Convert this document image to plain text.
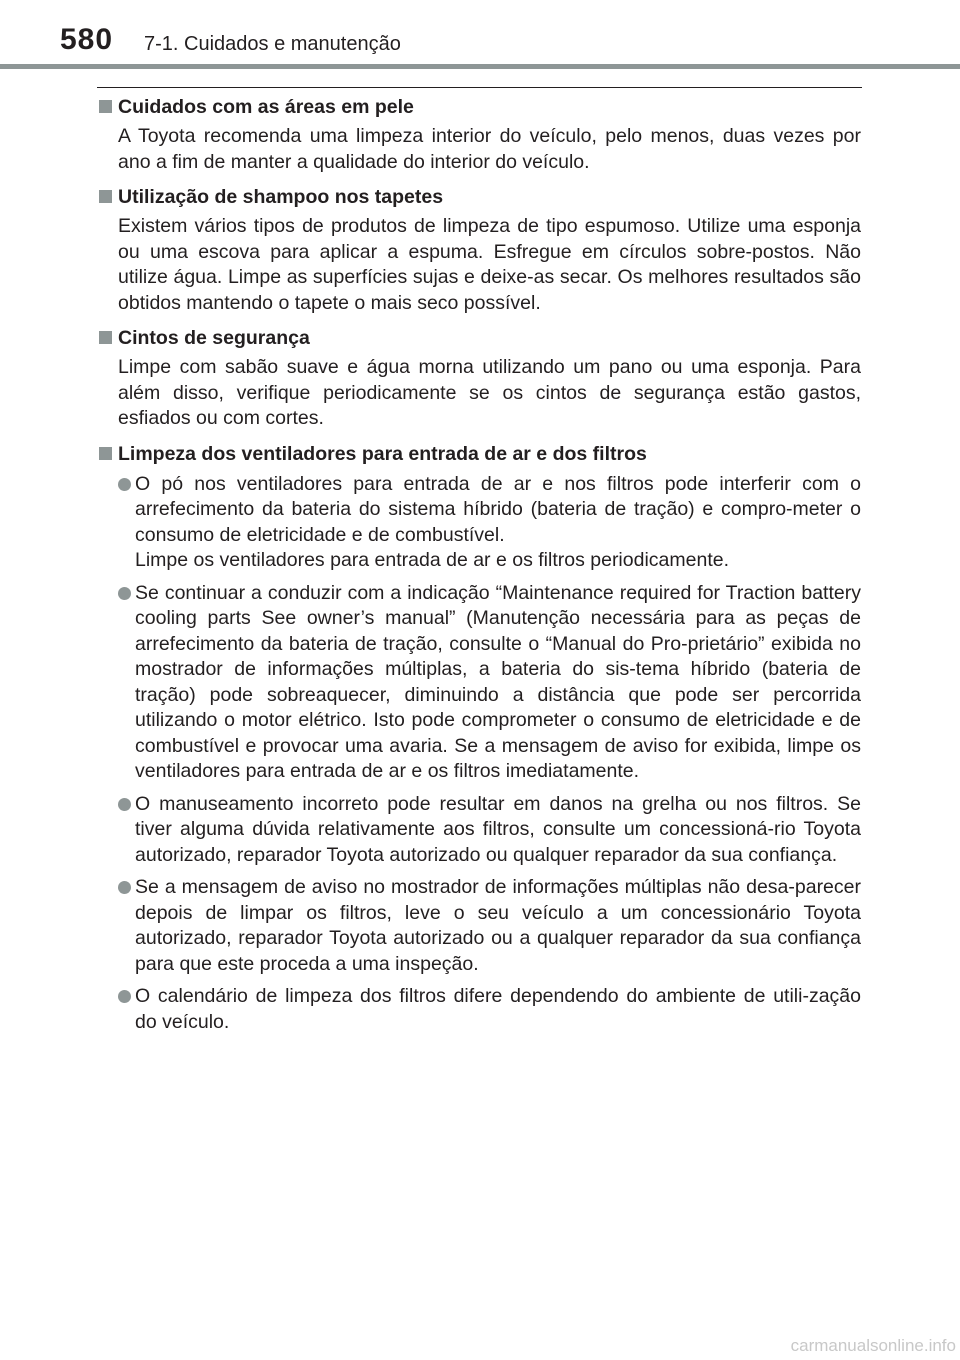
580 7-1. Cuidados e manutenção
Cuidados com as áreas em pele
A Toyota recomenda uma limpeza interior do veículo, pelo menos, duas vezes por ano a fim de manter a qualidade do interior do veículo.
Utilização de shampoo nos tapetes
Existem vários tipos de produtos de limpeza de tipo espumoso. Utilize uma esponja ou uma escova para aplicar a espuma. Esfregue em círculos sobre-postos. Não utilize água. Limpe as superfícies sujas e deixe-as secar. Os melhores resultados são obtidos mantendo o tapete o mais seco possível.
Cintos de segurança
Limpe com sabão suave e água morna utilizando um pano ou uma esponja. Para além disso, verifique periodicamente se os cintos de segurança estão gastos, esfiados ou com cortes.
Limpeza dos ventiladores para entrada de ar e dos filtros
O pó nos ventiladores para entrada de ar e nos filtros pode interferir com o arrefecimento da bateria do sistema híbrido (bateria de tração) e compro-meter o consumo de eletricidade e de combustível.
Limpe os ventiladores para entrada de ar e os filtros periodicamente.
Se continuar a conduzir com a indicação “Maintenance required for Traction battery cooling parts See owner’s manual” (Manutenção necessária para as peças de arrefecimento da bateria de tração, consulte o “Manual do Pro-prietário” exibida no mostrador de informações múltiplas, a bateria do sis-tema híbrido (bateria de tração) pode sobreaquecer, diminuindo a distância que pode ser percorrida utilizando o motor elétrico. Isto pode comprometer o consumo de eletricidade e de combustível e provocar uma avaria. Se a mensagem de aviso for exibida, limpe os ventiladores para entrada de ar e os filtros imediatamente.
O manuseamento incorreto pode resultar em danos na grelha ou nos filtros. Se tiver alguma dúvida relativamente aos filtros, consulte um concessioná-rio Toyota autorizado, reparador Toyota autorizado ou qualquer reparador da sua confiança.
Se a mensagem de aviso no mostrador de informações múltiplas não desa-parecer depois de limpar os filtros, leve o seu veículo a um concessionário Toyota autorizado, reparador Toyota autorizado ou a qualquer reparador da sua confiança para que este proceda a uma inspeção.
O calendário de limpeza dos filtros difere dependendo do ambiente de utili-zação do veículo.
carmanualsonline.info
